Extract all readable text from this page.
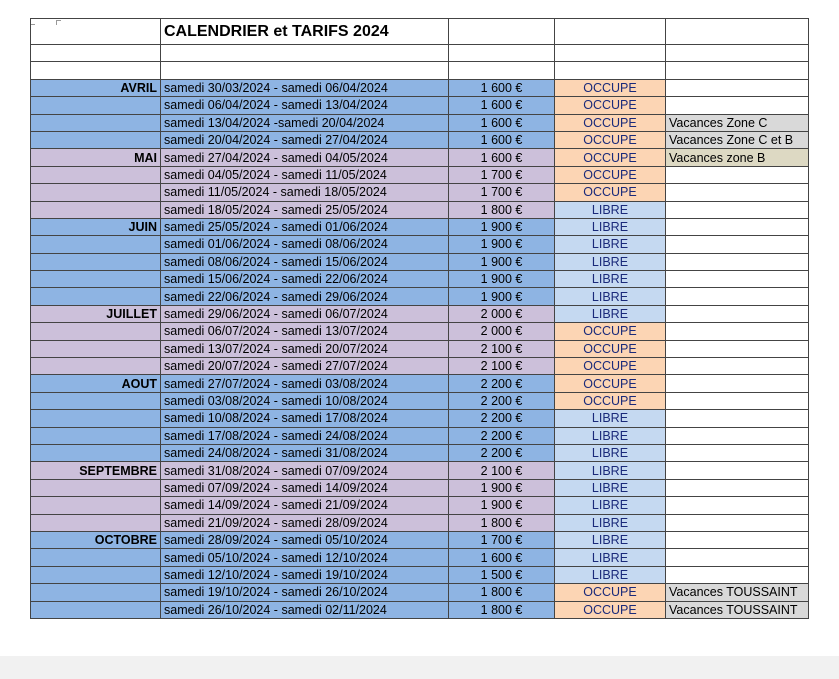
	CALENDRIER et TARIFS 2024			

AVRIL	samedi 30/03/2024 - samedi 06/04/2024	1 600 €	OCCUPE	
	samedi 06/04/2024 - samedi 13/04/2024	1 600 €	OCCUPE	
	samedi 13/04/2024 -samedi 20/04/2024	1 600 €	OCCUPE	Vacances Zone C
	samedi 20/04/2024 - samedi 27/04/2024	1 600 €	OCCUPE	Vacances Zone C et B
MAI	samedi 27/04/2024 - samedi 04/05/2024	1 600 €	OCCUPE	Vacances zone B
	samedi 04/05/2024 - samedi 11/05/2024	1 700 €	OCCUPE	
	samedi 11/05/2024 - samedi 18/05/2024	1 700 €	OCCUPE	
	samedi 18/05/2024 - samedi 25/05/2024	1 800 €	LIBRE	
JUIN	samedi 25/05/2024 - samedi 01/06/2024	1 900 €	LIBRE	
	samedi 01/06/2024 - samedi 08/06/2024	1 900 €	LIBRE	
	samedi 08/06/2024 - samedi 15/06/2024	1 900 €	LIBRE	
	samedi 15/06/2024 - samedi 22/06/2024	1 900 €	LIBRE	
	samedi 22/06/2024 - samedi 29/06/2024	1 900 €	LIBRE	
JUILLET	samedi 29/06/2024 - samedi 06/07/2024	2 000 €	LIBRE	
	samedi 06/07/2024 - samedi 13/07/2024	2 000 €	OCCUPE	
	samedi 13/07/2024 - samedi 20/07/2024	2 100 €	OCCUPE	
	samedi 20/07/2024 - samedi 27/07/2024	2 100 €	OCCUPE	
AOUT	samedi 27/07/2024 - samedi 03/08/2024	2 200 €	OCCUPE	
	samedi 03/08/2024 - samedi 10/08/2024	2 200 €	OCCUPE	
	samedi 10/08/2024 - samedi 17/08/2024	2 200 €	LIBRE	
	samedi 17/08/2024 - samedi 24/08/2024	2 200 €	LIBRE	
	samedi 24/08/2024 - samedi 31/08/2024	2 200 €	LIBRE	
SEPTEMBRE	samedi 31/08/2024 - samedi 07/09/2024	2 100 €	LIBRE	
	samedi 07/09/2024 - samedi 14/09/2024	1 900 €	LIBRE	
	samedi 14/09/2024 - samedi 21/09/2024	1 900 €	LIBRE	
	samedi 21/09/2024 - samedi 28/09/2024	1 800 €	LIBRE	
OCTOBRE	samedi 28/09/2024 - samedi 05/10/2024	1 700 €	LIBRE	
	samedi 05/10/2024 - samedi 12/10/2024	1 600 €	LIBRE	
	samedi 12/10/2024 - samedi 19/10/2024	1 500 €	LIBRE	
	samedi 19/10/2024 - samedi 26/10/2024	1 800 €	OCCUPE	Vacances TOUSSAINT
	samedi 26/10/2024 - samedi 02/11/2024	1 800 €	OCCUPE	Vacances TOUSSAINT
